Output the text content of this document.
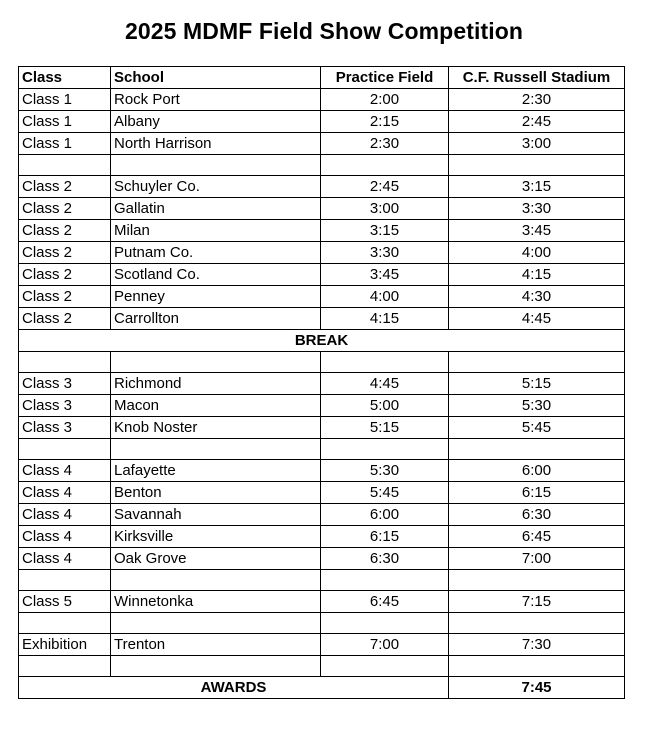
2025 MDMF Field Show Competition
Class	School	Practice Field	C.F. Russell Stadium
Class 1	Rock Port	2:00	2:30
Class 1	Albany	2:15	2:45
Class 1	North Harrison	2:30	3:00

Class 2	Schuyler Co.	2:45	3:15
Class 2	Gallatin	3:00	3:30
Class 2	Milan	3:15	3:45
Class 2	Putnam Co.	3:30	4:00
Class 2	Scotland Co.	3:45	4:15
Class 2	Penney	4:00	4:30
Class 2	Carrollton	4:15	4:45
BREAK			

Class 3	Richmond	4:45	5:15
Class 3	Macon	5:00	5:30
Class 3	Knob Noster	5:15	5:45

Class 4	Lafayette	5:30	6:00
Class 4	Benton	5:45	6:15
Class 4	Savannah	6:00	6:30
Class 4	Kirksville	6:15	6:45
Class 4	Oak Grove	6:30	7:00

Class 5	Winnetonka	6:45	7:15

Exhibition	Trenton	7:00	7:30

AWARDS			7:45
